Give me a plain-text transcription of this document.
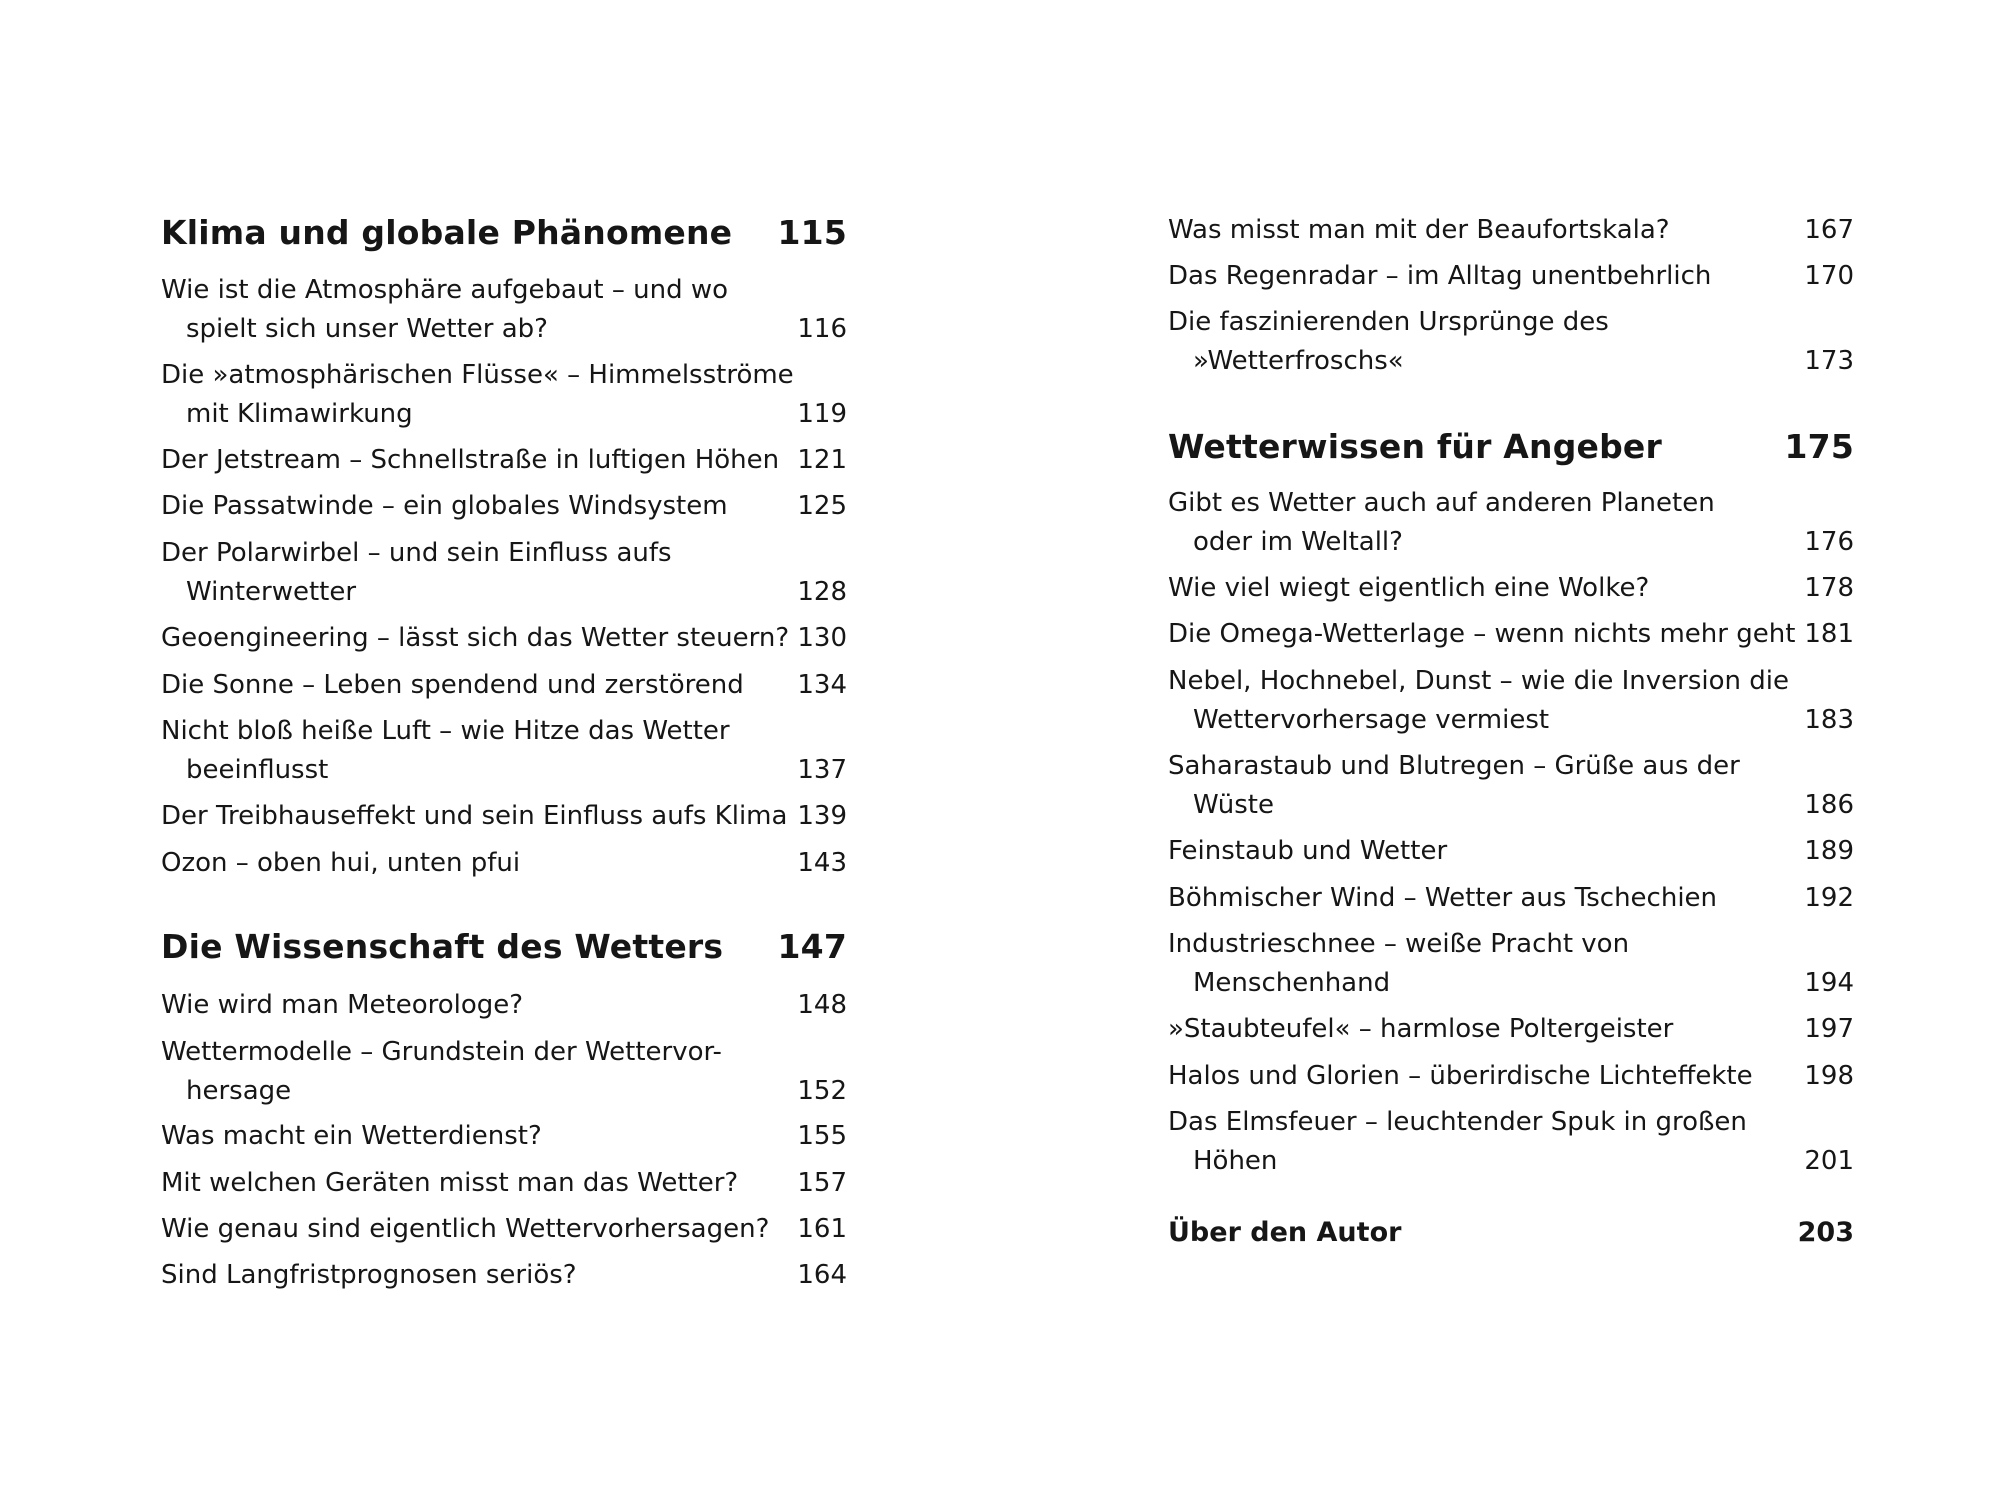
Klima und globale Phänomene 115
Wie ist die Atmosphäre aufgebaut – und wo
spielt sich unser Wetter ab?	116
Die »atmosphärischen Flüsse« – Himmelsströme
mit Klimawirkung	119
Der Jetstream – Schnellstraße in luftigen Höhen 121
Die Passatwinde – ein globales Windsystem	125
Der Polarwirbel – und sein Einfluss aufs
Winterwetter	128
Geoengineering – lässt sich das Wetter steuern? 130
Die Sonne – Leben spendend und zerstörend 134
Nicht bloß heiße Luft – wie Hitze das Wetter
beeinflusst	137
Der Treibhauseffekt und sein Einfluss aufs Klima 139
Ozon – oben hui, unten pfui	143
Die Wissenschaft des Wetters 147
Wie wird man Meteorologe?	148
Wettermodelle – Grundstein der Wettervor-
hersage	152
Was macht ein Wetterdienst?	155
Mit welchen Geräten misst man das Wetter? 157
Wie genau sind eigentlich Wettervorhersagen? 161
Sind Langfristprognosen seriös?	164
Was misst man mit der Beaufortskala?	167
Das Regenradar – im Alltag unentbehrlich	170
Die faszinierenden Ursprünge des
»Wetterfroschs«	173
Wetterwissen für Angeber	175
Gibt es Wetter auch auf anderen Planeten
oder im Weltall?	176
Wie viel wiegt eigentlich eine Wolke?	178
Die Omega-Wetterlage – wenn nichts mehr geht 181
Nebel, Hochnebel, Dunst – wie die Inversion die
Wettervorhersage vermiest	183
Saharastaub und Blutregen – Grüße aus der
Wüste	186
Feinstaub und Wetter	189
Böhmischer Wind – Wetter aus Tschechien	192
Industrieschnee – weiße Pracht von
Menschenhand	194
»Staubteufel« – harmlose Poltergeister	197
Halos und Glorien – überirdische Lichteffekte 198
Das Elmsfeuer – leuchtender Spuk in großen
Höhen	201
Über den Autor	203
